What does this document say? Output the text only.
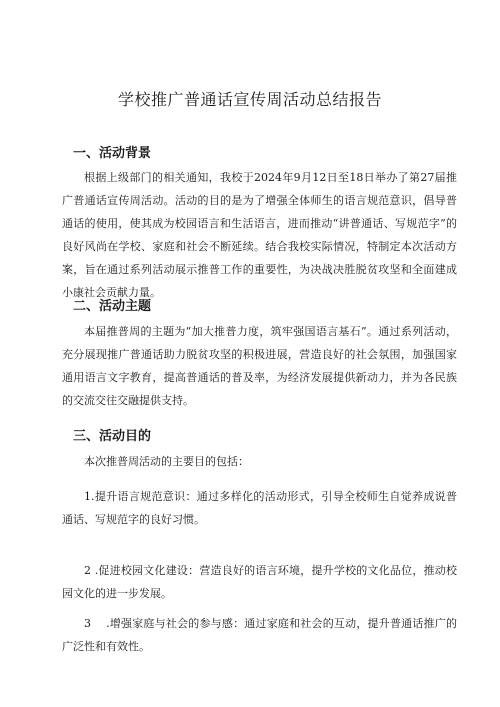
学校推广普通话宣传周活动总结报告
一、活动背景

根据上级部门的相关通知，我校于2024年9月12日至18日举办了第27届推广普通话宣传周活动。活动的目的是为了增强全体师生的语言规范意识，倡导普通话的使用，使其成为校园语言和生活语言，进而推动“讲普通话、写规范字”的良好风尚在学校、家庭和社会不断延续。结合我校实际情况，特制定本次活动方案，旨在通过系列活动展示推普工作的重要性，为决战决胜脱贫攻坚和全面建成小康社会贡献力量。

二、活动主题

本届推普周的主题为“加大推普力度，筑牢强国语言基石”。通过系列活动，充分展现推广普通话助力脱贫攻坚的积极进展，营造良好的社会氛围，加强国家通用语言文字教育，提高普通话的普及率，为经济发展提供新动力，并为各民族的交流交往交融提供支持。

三、活动目的

本次推普周活动的主要目的包括：

1.提升语言规范意识：通过多样化的活动形式，引导全校师生自觉养成说普通话、写规范字的良好习惯。

2 .促进校园文化建设：营造良好的语言环境，提升学校的文化品位，推动校园文化的进一步发展。

3　 .增强家庭与社会的参与感：通过家庭和社会的互动，提升普通话推广的广泛性和有效性。
